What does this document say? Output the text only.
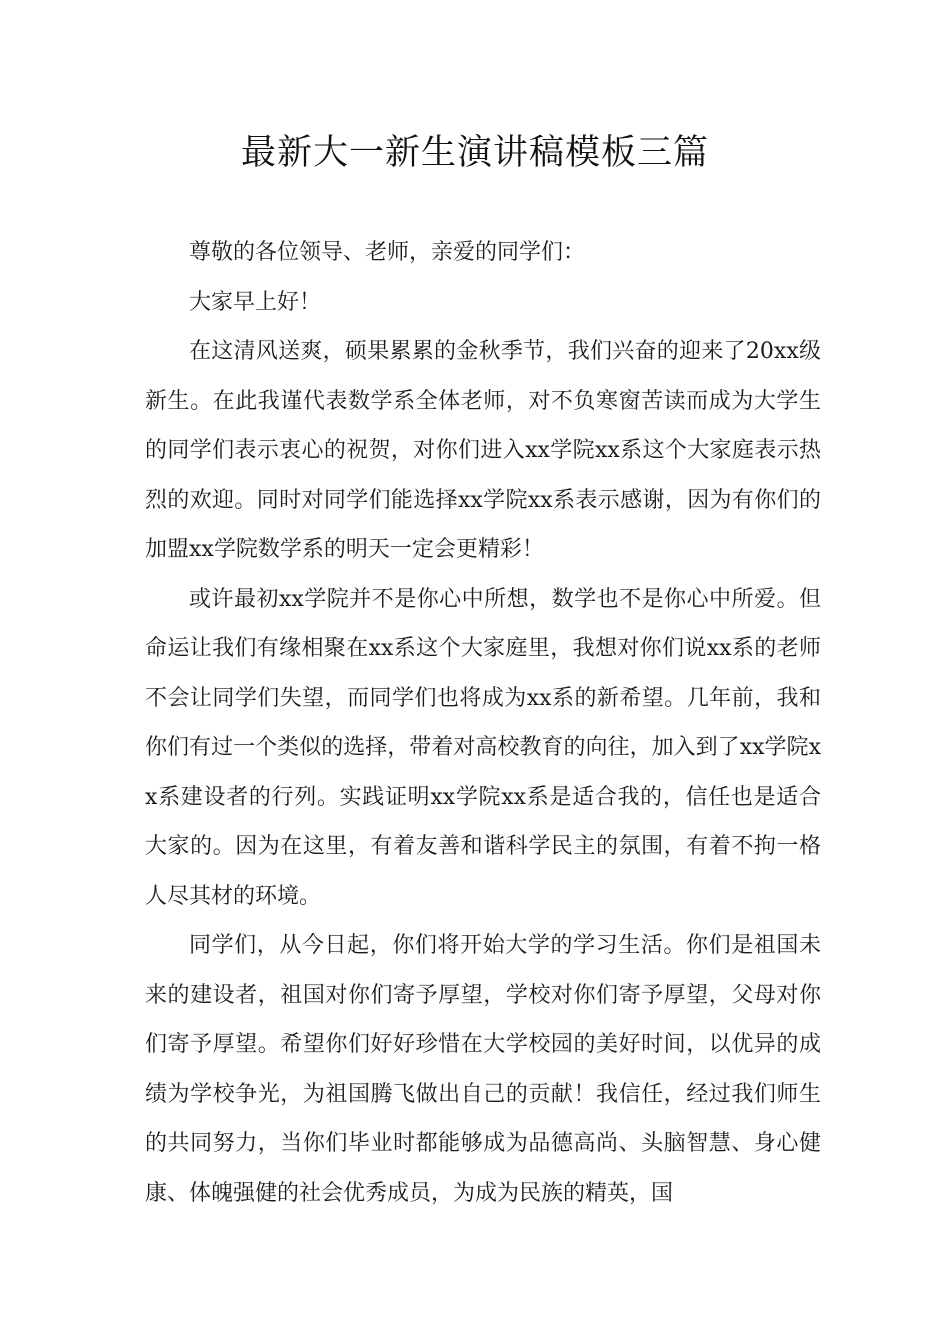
最新大一新生演讲稿模板三篇

尊敬的各位领导、老师，亲爱的同学们：

大家早上好！

在这清风送爽，硕果累累的金秋季节，我们兴奋的迎来了20xx级新生。在此我谨代表数学系全体老师，对不负寒窗苦读而成为大学生的同学们表示衷心的祝贺，对你们进入xx学院xx系这个大家庭表示热烈的欢迎。同时对同学们能选择xx学院xx系表示感谢，因为有你们的加盟xx学院数学系的明天一定会更精彩！

或许最初xx学院并不是你心中所想，数学也不是你心中所爱。但命运让我们有缘相聚在xx系这个大家庭里，我想对你们说xx系的老师不会让同学们失望，而同学们也将成为xx系的新希望。几年前，我和你们有过一个类似的选择，带着对高校教育的向往，加入到了xx学院xx系建设者的行列。实践证明xx学院xx系是适合我的，信任也是适合大家的。因为在这里，有着友善和谐科学民主的氛围，有着不拘一格人尽其材的环境。

同学们，从今日起，你们将开始大学的学习生活。你们是祖国未来的建设者，祖国对你们寄予厚望，学校对你们寄予厚望，父母对你们寄予厚望。希望你们好好珍惜在大学校园的美好时间，以优异的成绩为学校争光，为祖国腾飞做出自己的贡献！我信任，经过我们师生的共同努力，当你们毕业时都能够成为品德高尚、头脑智慧、身心健康、体魄强健的社会优秀成员，为成为民族的精英，国
